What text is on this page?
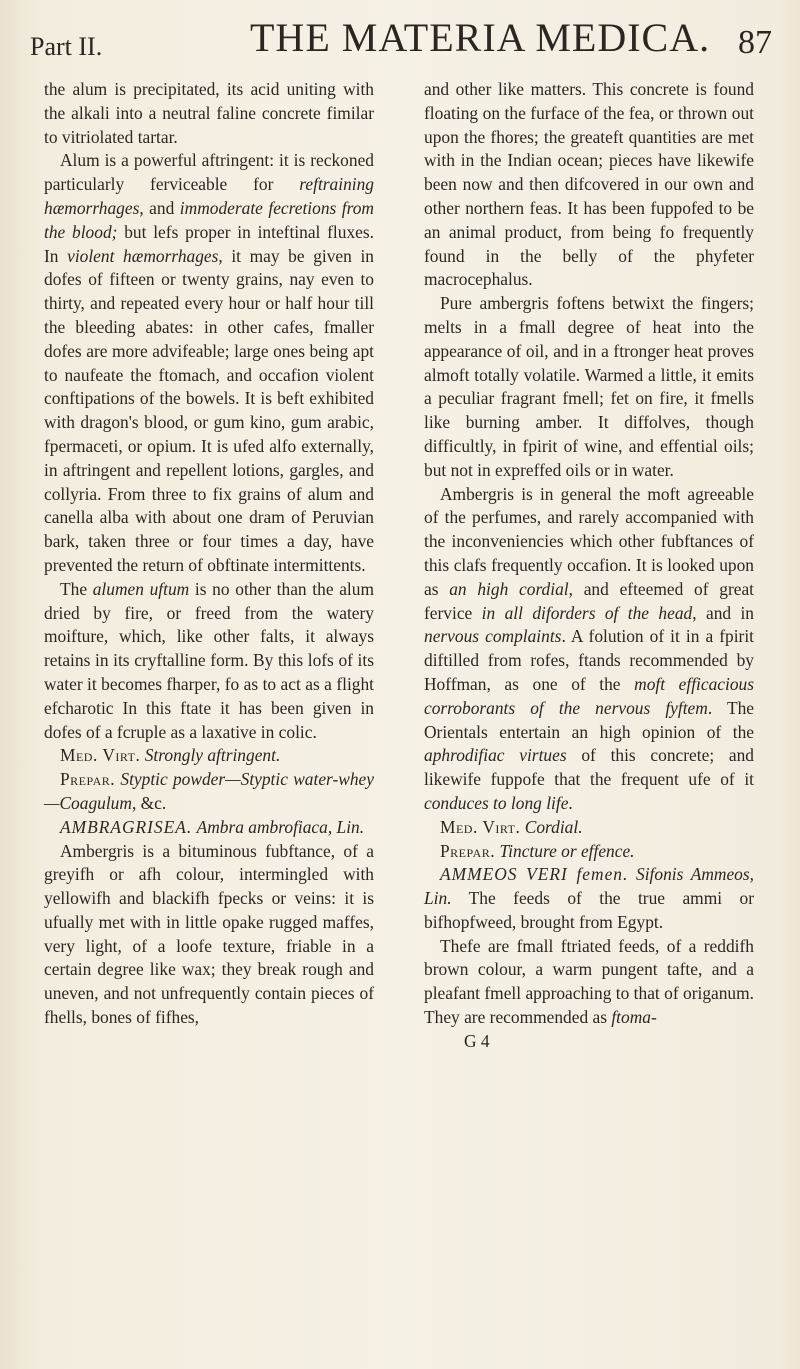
Part II.	THE MATERIA MEDICA. 87

the alum is precipitated, its acid uniting with the alkali into a neutral faline concrete fimilar to vitriolated tartar.

Alum is a powerful aftringent: it is reckoned particularly ferviceable for reftraining hæmorrhages, and immoderate fecretions from the blood; but lefs proper in inteftinal fluxes. In violent hæmorrhages, it may be given in dofes of fifteen or twenty grains, nay even to thirty, and repeated every hour or half hour till the bleeding abates: in other cafes, fmaller dofes are more advifeable; large ones being apt to naufeate the ftomach, and occafion violent conftipations of the bowels. It is beft exhibited with dragon's blood, or gum kino, gum arabic, fpermaceti, or opium. It is ufed alfo externally, in aftringent and repellent lotions, gargles, and collyria. From three to fix grains of alum and canella alba with about one dram of Peruvian bark, taken three or four times a day, have prevented the return of obftinate intermittents.

The alumen uftum is no other than the alum dried by fire, or freed from the watery moifture, which, like other falts, it always retains in its cryftalline form. By this lofs of its water it becomes fharper, fo as to act as a flight efcharotic In this ftate it has been given in dofes of a fcruple as a laxative in colic.

Med. Virt. Strongly aftringent.

Prepar. Styptic powder—Styptic water-whey—Coagulum, &c.

AMBRAGRISEA. Ambra ambrofiaca, Lin.

Ambergris is a bituminous fubftance, of a greyifh or afh colour, intermingled with yellowifh and blackifh fpecks or veins: it is ufually met with in little opake rugged maffes, very light, of a loofe texture, friable in a certain degree like wax; they break rough and uneven, and not unfrequently contain pieces of fhells, bones of fifhes,

and other like matters. This concrete is found floating on the furface of the fea, or thrown out upon the fhores; the greateft quantities are met with in the Indian ocean; pieces have likewife been now and then difcovered in our own and other northern feas. It has been fuppofed to be an animal product, from being fo frequently found in the belly of the phyfeter macrocephalus.

Pure ambergris foftens betwixt the fingers; melts in a fmall degree of heat into the appearance of oil, and in a ftronger heat proves almoft totally volatile. Warmed a little, it emits a peculiar fragrant fmell; fet on fire, it fmells like burning amber. It diffolves, though difficultly, in fpirit of wine, and effential oils; but not in expreffed oils or in water.

Ambergris is in general the moft agreeable of the perfumes, and rarely accompanied with the inconveniencies which other fubftances of this clafs frequently occafion. It is looked upon as an high cordial, and efteemed of great fervice in all diforders of the head, and in nervous complaints. A folution of it in a fpirit diftilled from rofes, ftands recommended by Hoffman, as one of the moft efficacious corroborants of the nervous fyftem. The Orientals entertain an high opinion of the aphrodifiac virtues of this concrete; and likewife fuppofe that the frequent ufe of it conduces to long life.

Med. Virt. Cordial.

Prepar. Tincture or effence.

AMMEOS VERI femen. Sifonis Ammeos, Lin. The feeds of the true ammi or bifhopfweed, brought from Egypt.

Thefe are fmall ftriated feeds, of a reddifh brown colour, a warm pungent tafte, and a pleafant fmell approaching to that of origanum. They are recommended as ftoma-

G 4
